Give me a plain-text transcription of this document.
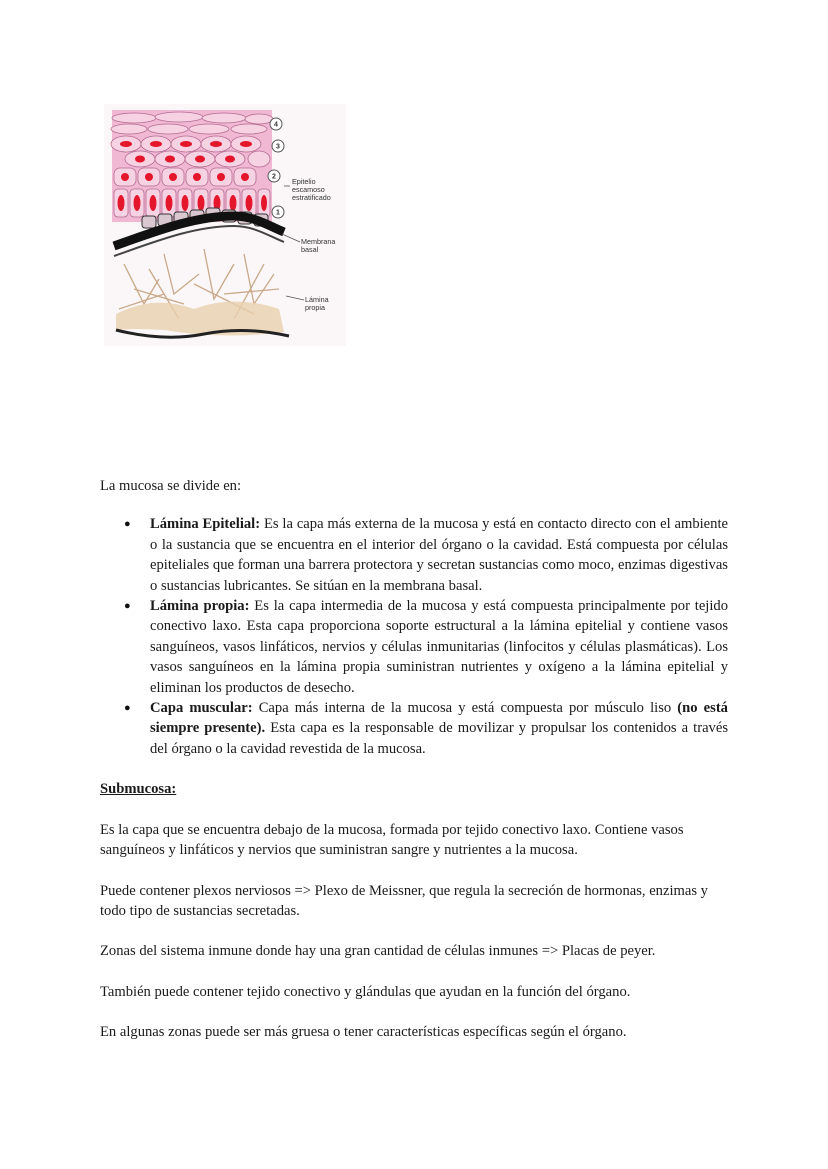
4
3
2
1
Epitelio
escamoso
estratificado
Membrana
basal
Lámina
propia

La mucosa se divide en:

● Lámina Epitelial: Es la capa más externa de la mucosa y está en contacto directo con el ambiente o la sustancia que se encuentra en el interior del órgano o la cavidad. Está compuesta por células epiteliales que forman una barrera protectora y secretan sustancias como moco, enzimas digestivas o sustancias lubricantes. Se sitúan en la membrana basal.
● Lámina propia: Es la capa intermedia de la mucosa y está compuesta principalmente por tejido conectivo laxo. Esta capa proporciona soporte estructural a la lámina epitelial y contiene vasos sanguíneos, vasos linfáticos, nervios y células inmunitarias (linfocitos y células plasmáticas). Los vasos sanguíneos en la lámina propia suministran nutrientes y oxígeno a la lámina epitelial y eliminan los productos de desecho.
● Capa muscular: Capa más interna de la mucosa y está compuesta por músculo liso (no está siempre presente). Esta capa es la responsable de movilizar y propulsar los contenidos a través del órgano o la cavidad revestida de la mucosa.

Submucosa:

Es la capa que se encuentra debajo de la mucosa, formada por tejido conectivo laxo. Contiene vasos sanguíneos y linfáticos y nervios que suministran sangre y nutrientes a la mucosa.

Puede contener plexos nerviosos => Plexo de Meissner, que regula la secreción de hormonas, enzimas y todo tipo de sustancias secretadas.

Zonas del sistema inmune donde hay una gran cantidad de células inmunes => Placas de peyer.

También puede contener tejido conectivo y glándulas que ayudan en la función del órgano.

En algunas zonas puede ser más gruesa o tener características específicas según el órgano.
